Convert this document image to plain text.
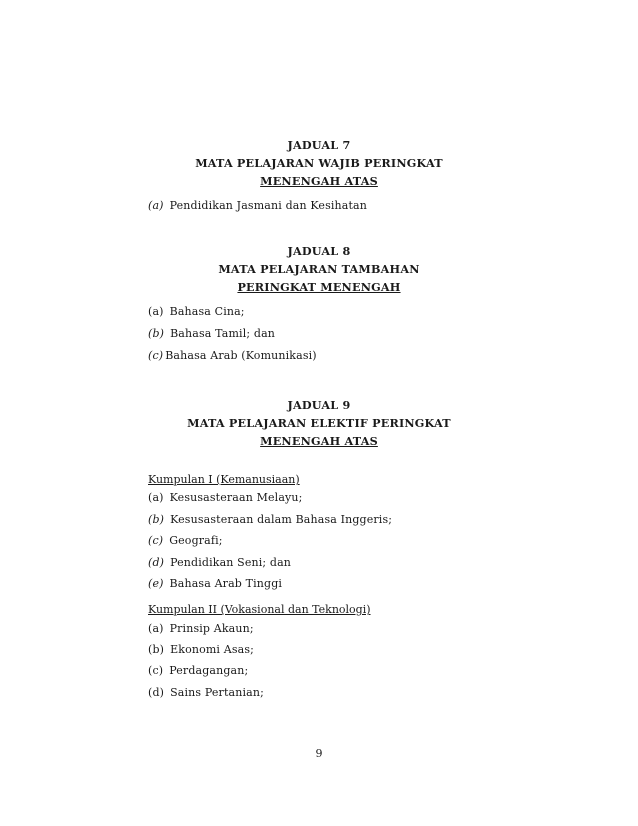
JADUAL 7
MATA PELAJARAN WAJIB PERINGKAT
MENENGAH ATAS
(a) Pendidikan Jasmani dan Kesihatan
JADUAL 8
MATA PELAJARAN TAMBAHAN
PERINGKAT MENENGAH
(a) Bahasa Cina;
(b) Bahasa Tamil; dan
(c) Bahasa Arab (Komunikasi)
JADUAL 9
MATA PELAJARAN ELEKTIF PERINGKAT
MENENGAH ATAS
Kumpulan I (Kemanusiaan)
(a) Kesusasteraan Melayu;
(b) Kesusasteraan dalam Bahasa Inggeris;
(c) Geografi;
(d) Pendidikan Seni; dan
(e) Bahasa Arab Tinggi
Kumpulan II (Vokasional dan Teknologi)
(a) Prinsip Akaun;
(b) Ekonomi Asas;
(c) Perdagangan;
(d) Sains Pertanian;
9
